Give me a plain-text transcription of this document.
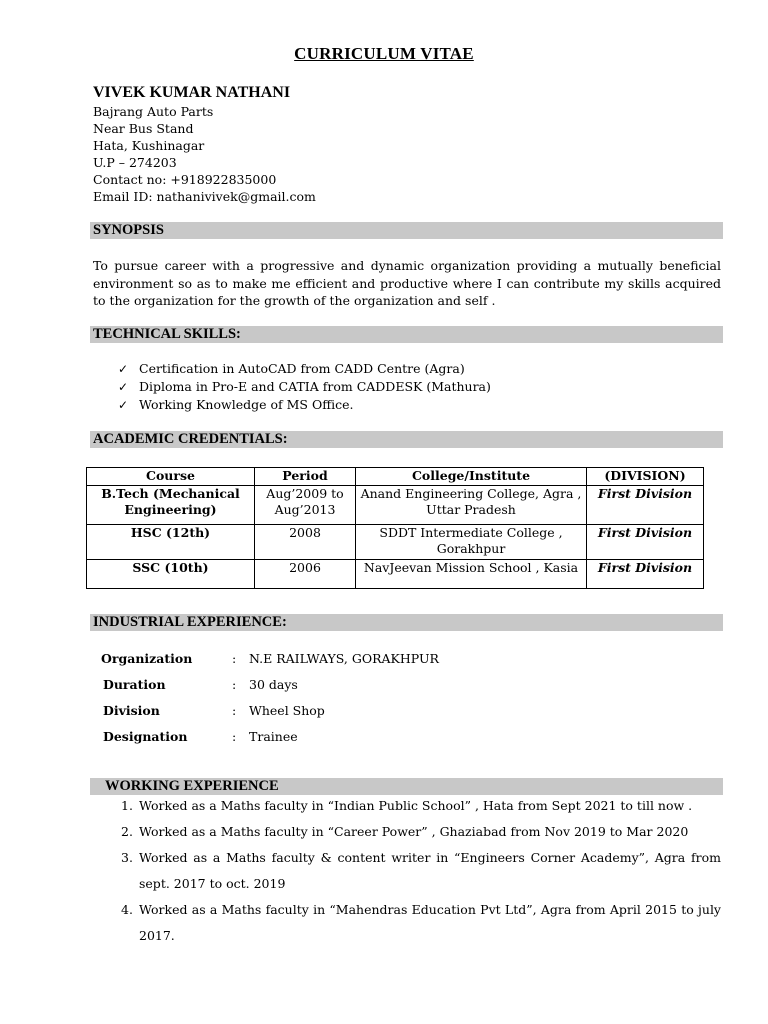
CURRICULUM VITAE
VIVEK KUMAR NATHANI
Bajrang Auto Parts
Near Bus Stand
Hata, Kushinagar
U.P – 274203
Contact no: +918922835000
Email ID: nathanivivek@gmail.com
SYNOPSIS
To pursue career with a progressive and dynamic organization providing a mutually beneficial environment so as to make me efficient and productive where I can contribute my skills acquired to the organization for the growth of the organization and self .
TECHNICAL SKILLS:
✓ Certification in AutoCAD from CADD Centre (Agra)
✓ Diploma in Pro-E and CATIA from CADDESK (Mathura)
✓ Working Knowledge of MS Office.
ACADEMIC CREDENTIALS:
Course	Period	College/Institute	(DIVISION)
B.Tech (Mechanical Engineering)	Aug’2009 to Aug’2013	Anand Engineering College, Agra , Uttar Pradesh	First Division
HSC (12th)	2008	SDDT Intermediate College , Gorakhpur	First Division
SSC (10th)	2006	NavJeevan Mission School , Kasia	First Division
INDUSTRIAL EXPERIENCE:
Organization	: N.E RAILWAYS, GORAKHPUR
Duration	: 30 days
Division	: Wheel Shop
Designation	: Trainee
WORKING EXPERIENCE
1. Worked as a Maths faculty in “Indian Public School” , Hata from Sept 2021 to till now .
2. Worked as a Maths faculty in “Career Power” , Ghaziabad from Nov 2019 to Mar 2020
3. Worked as a Maths faculty & content writer in “Engineers Corner Academy”, Agra from sept. 2017 to oct. 2019
4. Worked as a Maths faculty in “Mahendras Education Pvt Ltd”, Agra from April 2015 to july 2017.
